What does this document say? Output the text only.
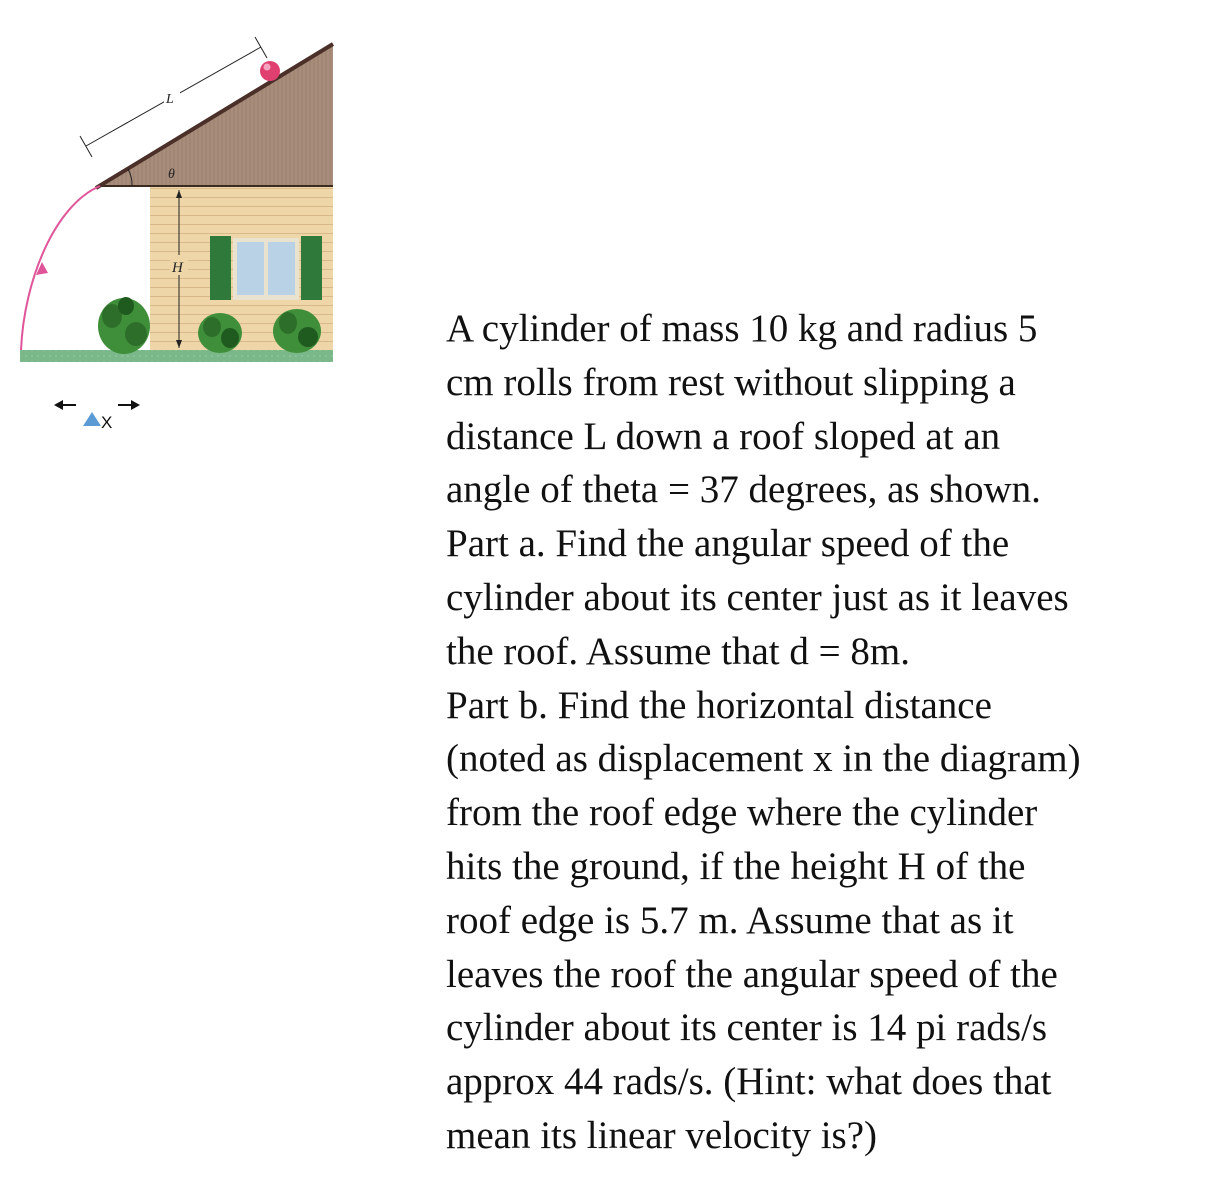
θ
H
L
X
A cylinder of mass 10 kg and radius 5
cm rolls from rest without slipping a
distance L down a roof sloped at an
angle of theta = 37 degrees, as shown.
Part a. Find the angular speed of the
cylinder about its center just as it leaves
the roof. Assume that d = 8m.
Part b. Find the horizontal distance
(noted as displacement x in the diagram)
from the roof edge where the cylinder
hits the ground, if the height H of the
roof edge is 5.7 m. Assume that as it
leaves the roof the angular speed of the
cylinder about its center is 14 pi rads/s
approx 44 rads/s. (Hint: what does that
mean its linear velocity is?)
